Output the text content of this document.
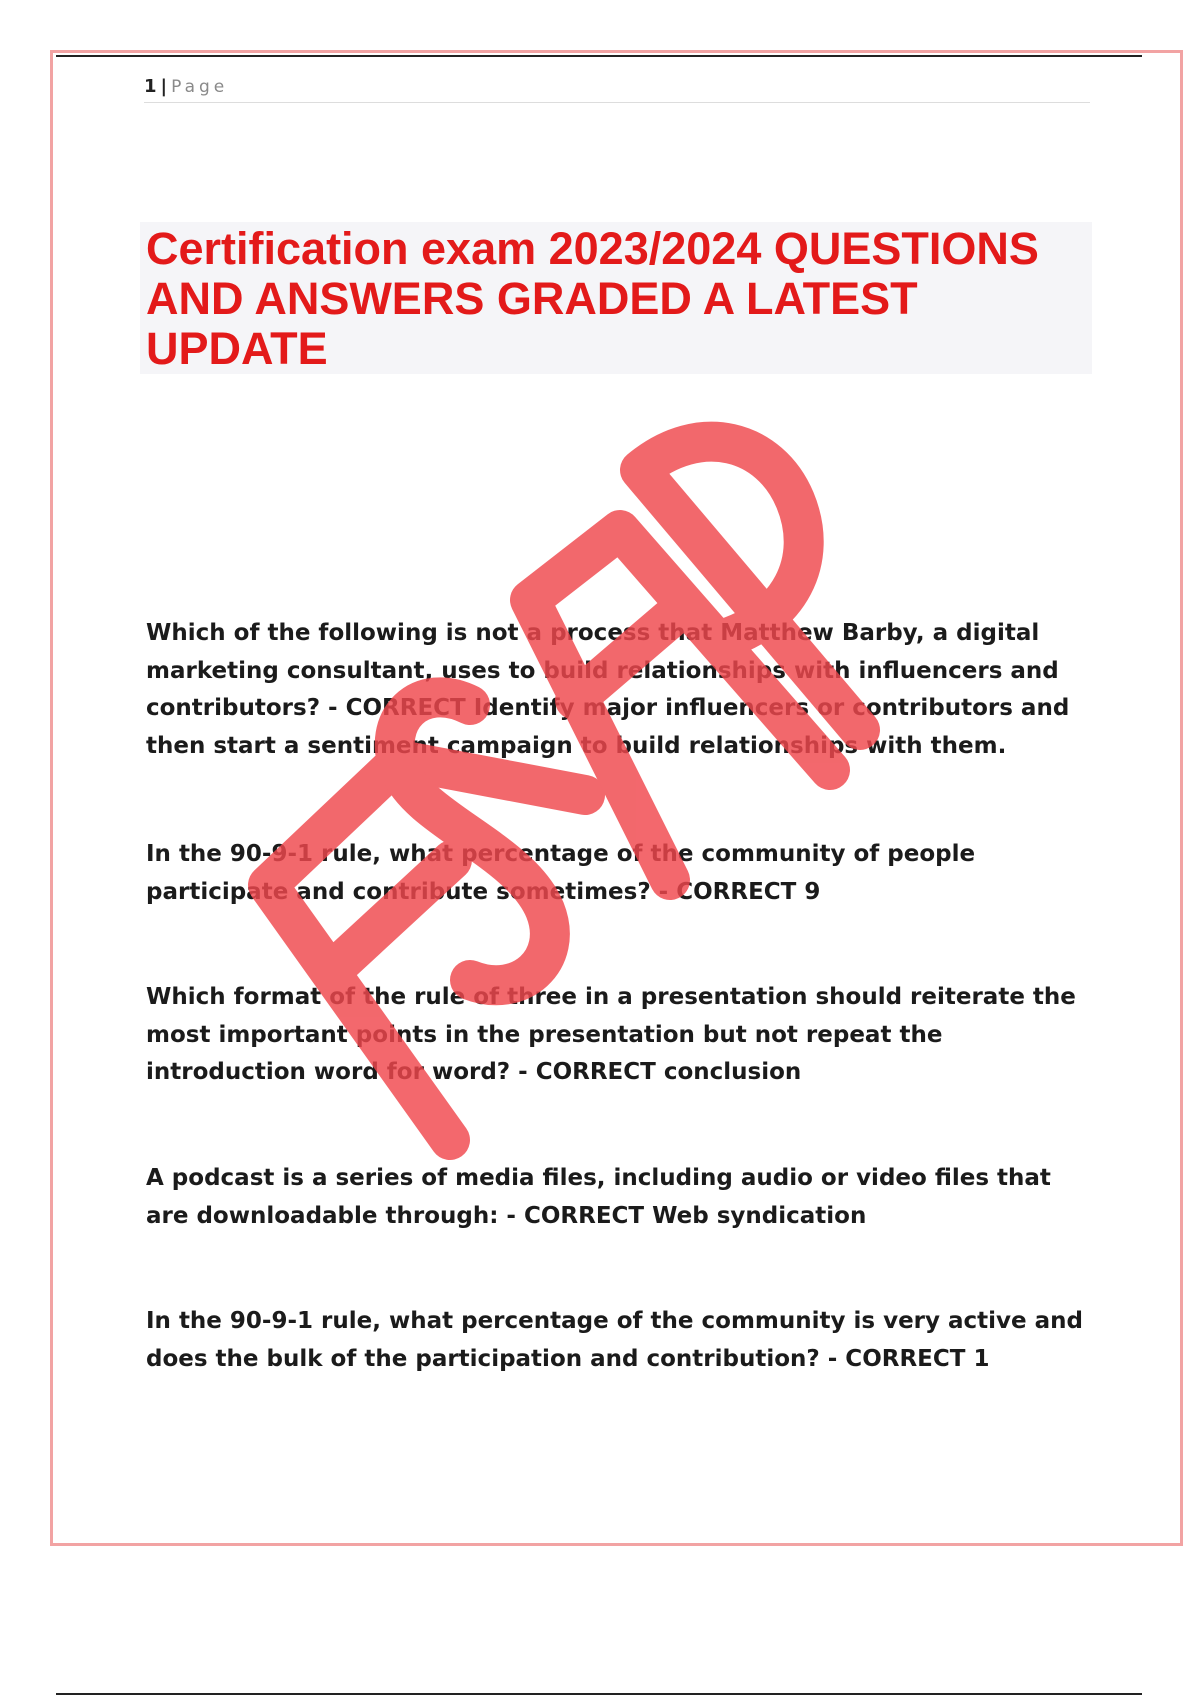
1 | Page
Certification exam 2023/2024 QUESTIONS AND ANSWERS GRADED A LATEST UPDATE

Which of the following is not a process that Matthew Barby, a digital marketing consultant, uses to build relationships with influencers and contributors? - CORRECT Identify major influencers or contributors and then start a sentiment campaign to build relationships with them.

In the 90-9-1 rule, what percentage of the community of people participate and contribute sometimes? - CORRECT 9

Which format of the rule of three in a presentation should reiterate the most important points in the presentation but not repeat the introduction word for word? - CORRECT conclusion

A podcast is a series of media files, including audio or video files that are downloadable through: - CORRECT Web syndication

In the 90-9-1 rule, what percentage of the community is very active and does the bulk of the participation and contribution? - CORRECT 1
